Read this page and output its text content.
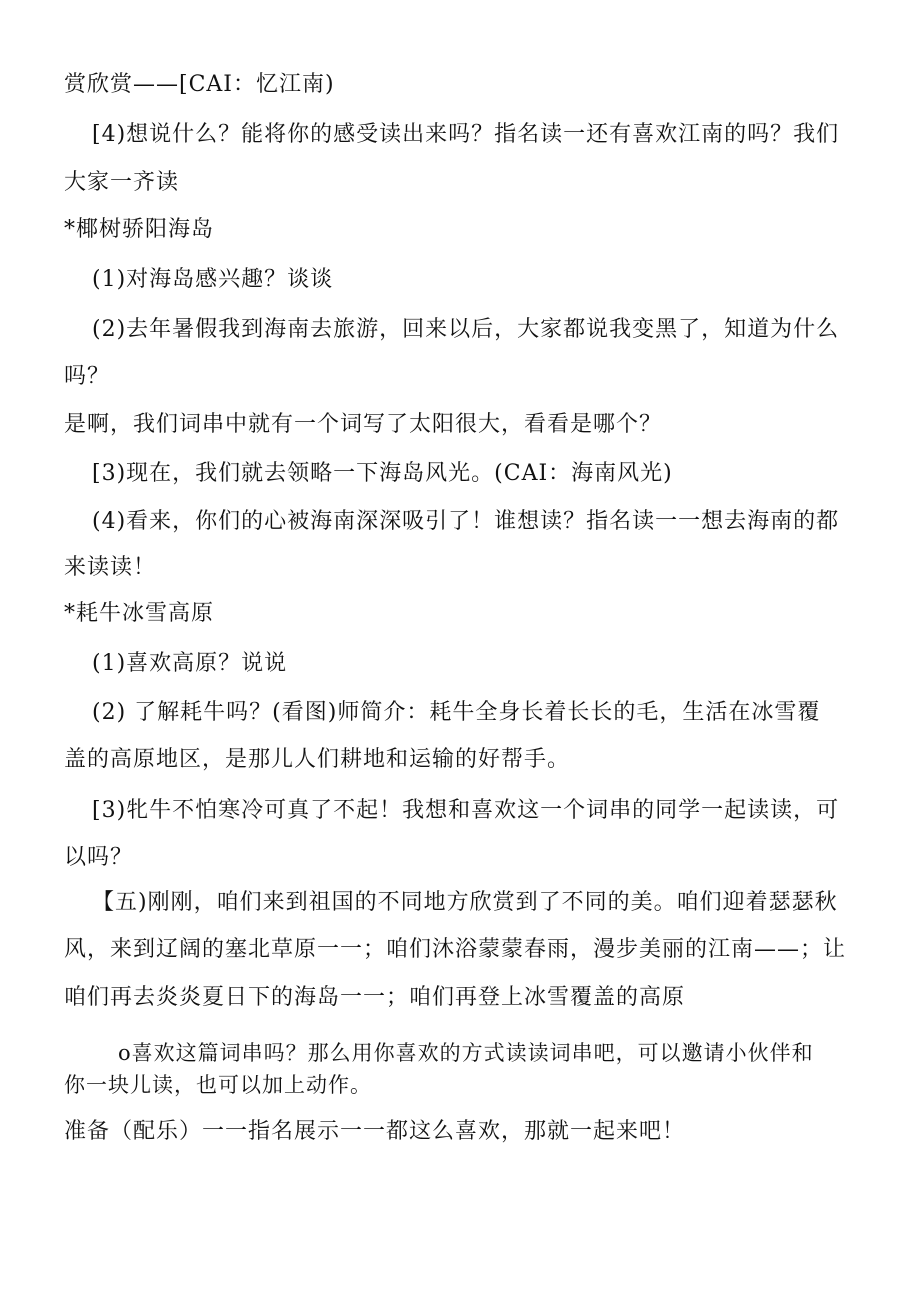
赏欣赏——[CAI：忆江南)
[4)想说什么？能将你的感受读出来吗？指名读一还有喜欢江南的吗？我们
大家一齐读
*椰树骄阳海岛
(1)对海岛感兴趣？谈谈
(2)去年暑假我到海南去旅游，回来以后，大家都说我变黑了，知道为什么
吗？
是啊，我们词串中就有一个词写了太阳很大，看看是哪个？
[3)现在，我们就去领略一下海岛风光。(CAI：海南风光)
(4)看来，你们的心被海南深深吸引了！谁想读？指名读一一想去海南的都
来读读！
*耗牛冰雪高原
(1)喜欢高原？说说
(2) 了解耗牛吗？(看图)师简介：耗牛全身长着长长的毛，生活在冰雪覆
盖的高原地区，是那儿人们耕地和运输的好帮手。
[3)牝牛不怕寒冷可真了不起！我想和喜欢这一个词串的同学一起读读，可
以吗？
【五)刚刚，咱们来到祖国的不同地方欣赏到了不同的美。咱们迎着瑟瑟秋
风，来到辽阔的塞北草原一一；咱们沐浴蒙蒙春雨，漫步美丽的江南——；让
咱们再去炎炎夏日下的海岛一一；咱们再登上冰雪覆盖的高原
o喜欢这篇词串吗？那么用你喜欢的方式读读词串吧，可以邀请小伙伴和
你一块儿读，也可以加上动作。
准备（配乐）一一指名展示一一都这么喜欢，那就一起来吧！
